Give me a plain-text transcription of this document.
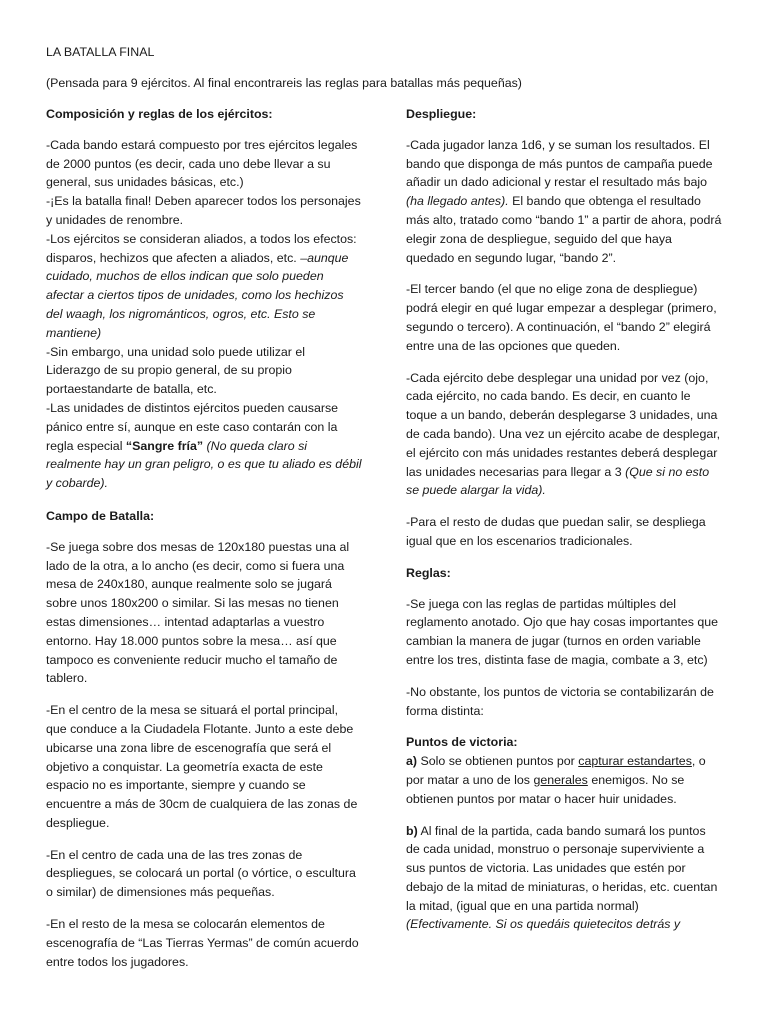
LA BATALLA FINAL
(Pensada para 9 ejércitos. Al final encontrareis las reglas para batallas más pequeñas)

Composición y reglas de los ejércitos:

-Cada bando estará compuesto por tres ejércitos legales de 2000 puntos (es decir, cada uno debe llevar a su general, sus unidades básicas, etc.)
-¡Es la batalla final! Deben aparecer todos los personajes y unidades de renombre.
-Los ejércitos se consideran aliados, a todos los efectos: disparos, hechizos que afecten a aliados, etc. –aunque cuidado, muchos de ellos indican que solo pueden afectar a ciertos tipos de unidades, como los hechizos del waagh, los nigrománticos, ogros, etc. Esto se mantiene)
-Sin embargo, una unidad solo puede utilizar el Liderazgo de su propio general, de su propio portaestandarte de batalla, etc.
-Las unidades de distintos ejércitos pueden causarse pánico entre sí, aunque en este caso contarán con la regla especial “Sangre fría” (No queda claro si realmente hay un gran peligro, o es que tu aliado es débil y cobarde).

Campo de Batalla:

-Se juega sobre dos mesas de 120x180 puestas una al lado de la otra, a lo ancho (es decir, como si fuera una mesa de 240x180, aunque realmente solo se jugará sobre unos 180x200 o similar. Si las mesas no tienen estas dimensiones… intentad adaptarlas a vuestro entorno. Hay 18.000 puntos sobre la mesa… así que tampoco es conveniente reducir mucho el tamaño de tablero.

-En el centro de la mesa se situará el portal principal, que conduce a la Ciudadela Flotante. Junto a este debe ubicarse una zona libre de escenografía que será el objetivo a conquistar. La geometría exacta de este espacio no es importante, siempre y cuando se encuentre a más de 30cm de cualquiera de las zonas de despliegue.

-En el centro de cada una de las tres zonas de despliegues, se colocará un portal (o vórtice, o escultura o similar) de dimensiones más pequeñas.

-En el resto de la mesa se colocarán elementos de escenografía de “Las Tierras Yermas” de común acuerdo entre todos los jugadores.

Despliegue:

-Cada jugador lanza 1d6, y se suman los resultados. El bando que disponga de más puntos de campaña puede añadir un dado adicional y restar el resultado más bajo (ha llegado antes). El bando que obtenga el resultado más alto, tratado como “bando 1” a partir de ahora, podrá elegir zona de despliegue, seguido del que haya quedado en segundo lugar, “bando 2”.

-El tercer bando (el que no elige zona de despliegue) podrá elegir en qué lugar empezar a desplegar (primero, segundo o tercero). A continuación, el “bando 2” elegirá entre una de las opciones que queden.

-Cada ejército debe desplegar una unidad por vez (ojo, cada ejército, no cada bando. Es decir, en cuanto le toque a un bando, deberán desplegarse 3 unidades, una de cada bando). Una vez un ejército acabe de desplegar, el ejército con más unidades restantes deberá desplegar las unidades necesarias para llegar a 3 (Que si no esto se puede alargar la vida).

-Para el resto de dudas que puedan salir, se despliega igual que en los escenarios tradicionales.

Reglas:

-Se juega con las reglas de partidas múltiples del reglamento anotado. Ojo que hay cosas importantes que cambian la manera de jugar (turnos en orden variable entre los tres, distinta fase de magia, combate a 3, etc)

-No obstante, los puntos de victoria se contabilizarán de forma distinta:

Puntos de victoria:
a) Solo se obtienen puntos por capturar estandartes, o por matar a uno de los generales enemigos. No se obtienen puntos por matar o hacer huir unidades.

b) Al final de la partida, cada bando sumará los puntos de cada unidad, monstruo o personaje superviviente a sus puntos de victoria. Las unidades que estén por debajo de la mitad de miniaturas, o heridas, etc. cuentan la mitad, (igual que en una partida normal) (Efectivamente. Si os quedáis quietecitos detrás y
